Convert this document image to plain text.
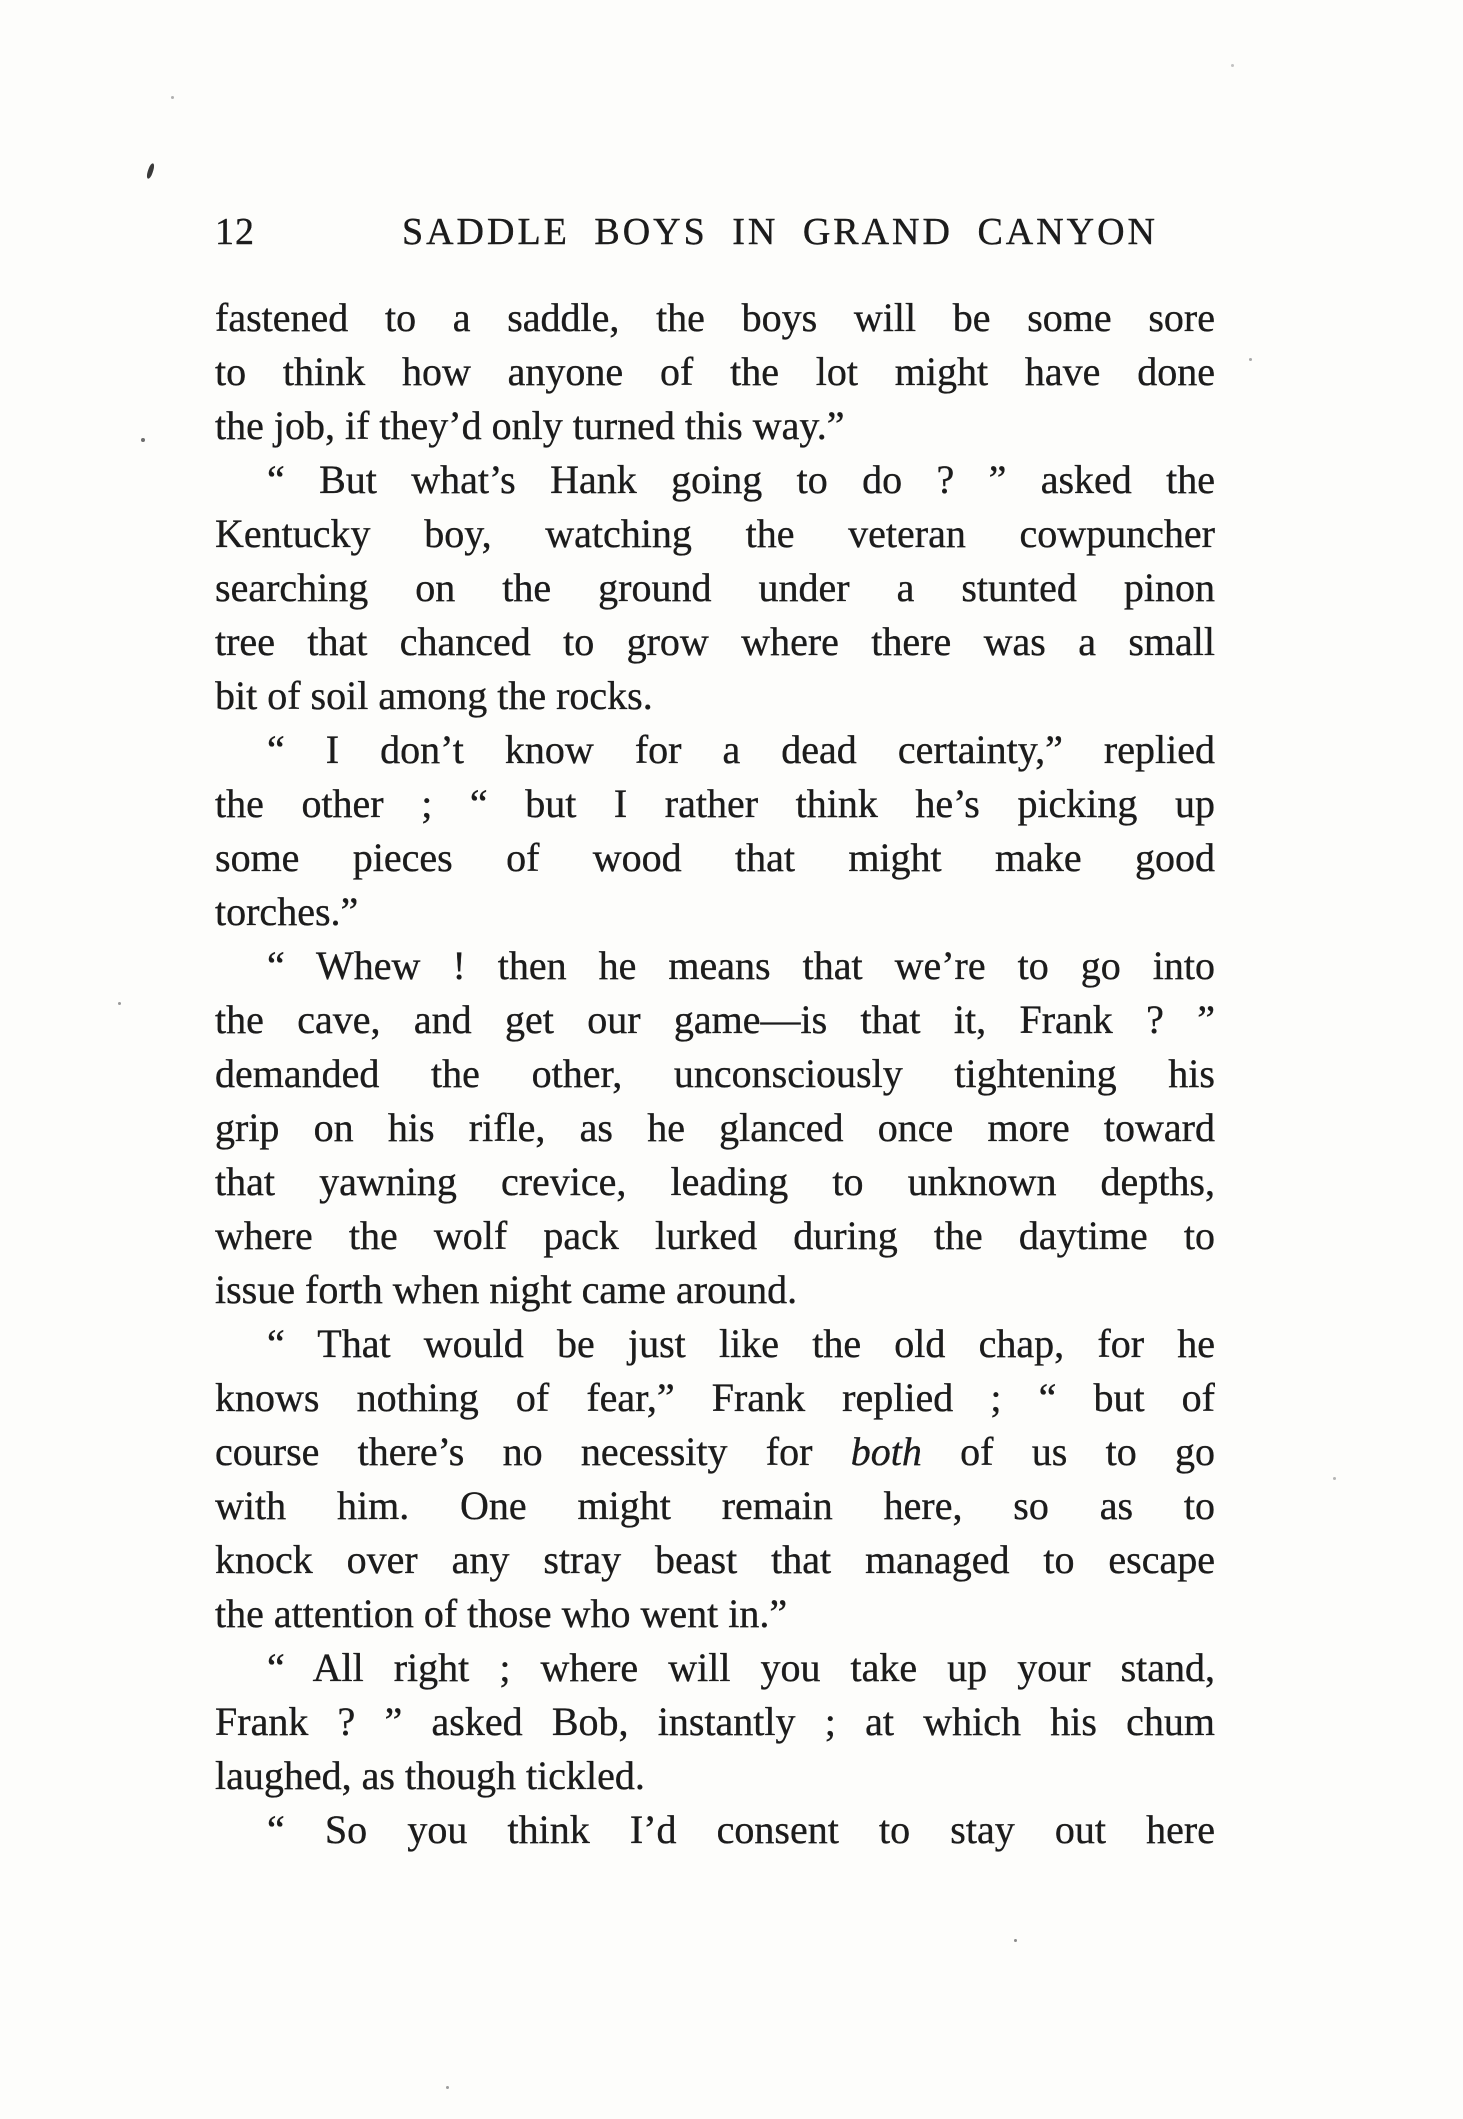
12	SADDLE BOYS IN GRAND CANYON
fastened to a saddle, the boys will be some sore
to think how anyone of the lot might have done
the job, if they’d only turned this way.”
“ But what’s Hank going to do ? ” asked the
Kentucky boy, watching the veteran cowpuncher
searching on the ground under a stunted pinon
tree that chanced to grow where there was a small
bit of soil among the rocks.
“ I don’t know for a dead certainty,” replied
the other ; “ but I rather think he’s picking up
some pieces of wood that might make good
torches.”
“ Whew ! then he means that we’re to go into
the cave, and get our game—is that it, Frank ? ”
demanded the other, unconsciously tightening his
grip on his rifle, as he glanced once more toward
that yawning crevice, leading to unknown depths,
where the wolf pack lurked during the daytime to
issue forth when night came around.
“ That would be just like the old chap, for he
knows nothing of fear,” Frank replied ; “ but of
course there’s no necessity for both of us to go
with him. One might remain here, so as to
knock over any stray beast that managed to escape
the attention of those who went in.”
“ All right ; where will you take up your stand,
Frank ? ” asked Bob, instantly ; at which his chum
laughed, as though tickled.
“ So you think I’d consent to stay out here
